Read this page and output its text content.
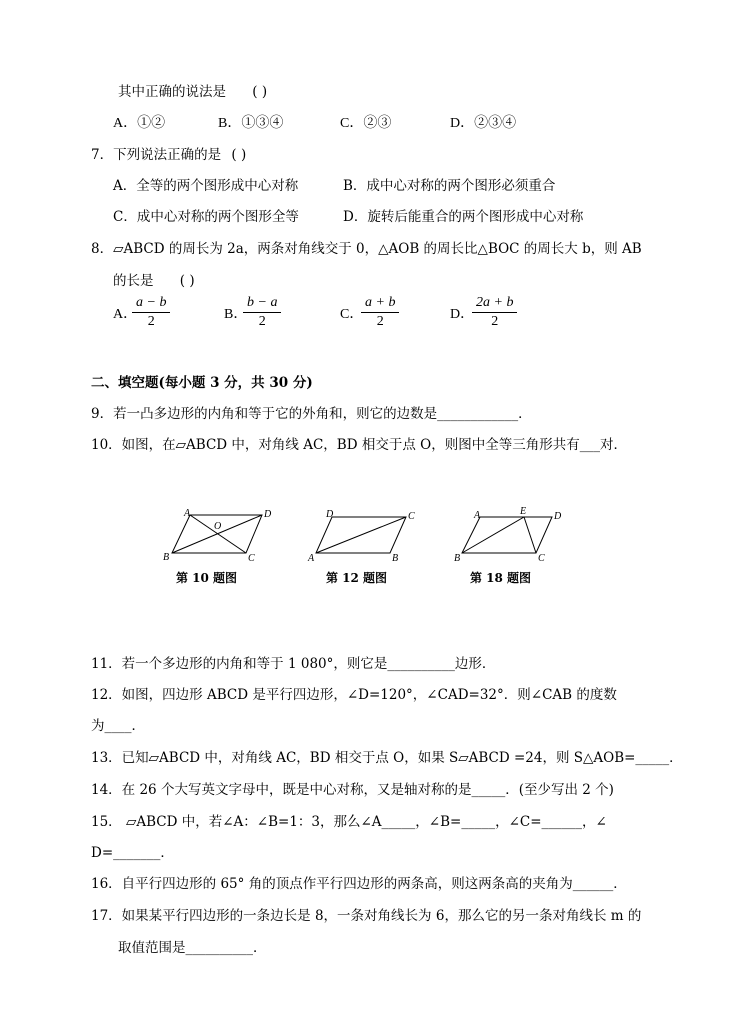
其中正确的说法是 ( )
A．①②	B．①③④	C．②③	D．②③④
7．下列说法正确的是 ( )
A．全等的两个图形成中心对称	B．成中心对称的两个图形必须重合
C．成中心对称的两个图形全等	D．旋转后能重合的两个图形成中心对称
8．▱ABCD 的周长为 2a，两条对角线交于 0，△AOB 的周长比△BOC 的周长大 b，则 AB
的长是 ( )
A．
$\frac{a - b}{2}$	B．
$\frac{b - a}{2}$	C．
$\frac{a + b}{2}$	D．
$\frac{2a + b}{2}$
二、填空题(每小题 3 分，共 30 分)
9．若一凸多边形的内角和等于它的外角和，则它的边数是____________．
10．如图，在▱ABCD 中，对角线 AC，BD 相交于点 O，则图中全等三角形共有___对．
A	D
O
B	C
第 10 题图
D	C
A	B
第 12 题图
A	E	D
B	C
第 18 题图
11．若一个多边形的内角和等于 1 080°，则它是__________边形．
12．如图，四边形 ABCD 是平行四边形，∠D=120°，∠CAD=32°．则∠CAB 的度数
为____．
13．已知▱ABCD 中，对角线 AC，BD 相交于点 O，如果 S▱ABCD =24，则 S△AOB=_____．
14．在 26 个大写英文字母中，既是中心对称，又是轴对称的是_____．(至少写出 2 个)
15． ▱ABCD 中，若∠A：∠B=1：3，那么∠A_____，∠B=_____，∠C=______，∠
D=_______．
16．自平行四边形的 65° 角的顶点作平行四边形的两条高，则这两条高的夹角为______．
17．如果某平行四边形的一条边长是 8，一条对角线长为 6，那么它的另一条对角线长 m 的
取值范围是__________．
